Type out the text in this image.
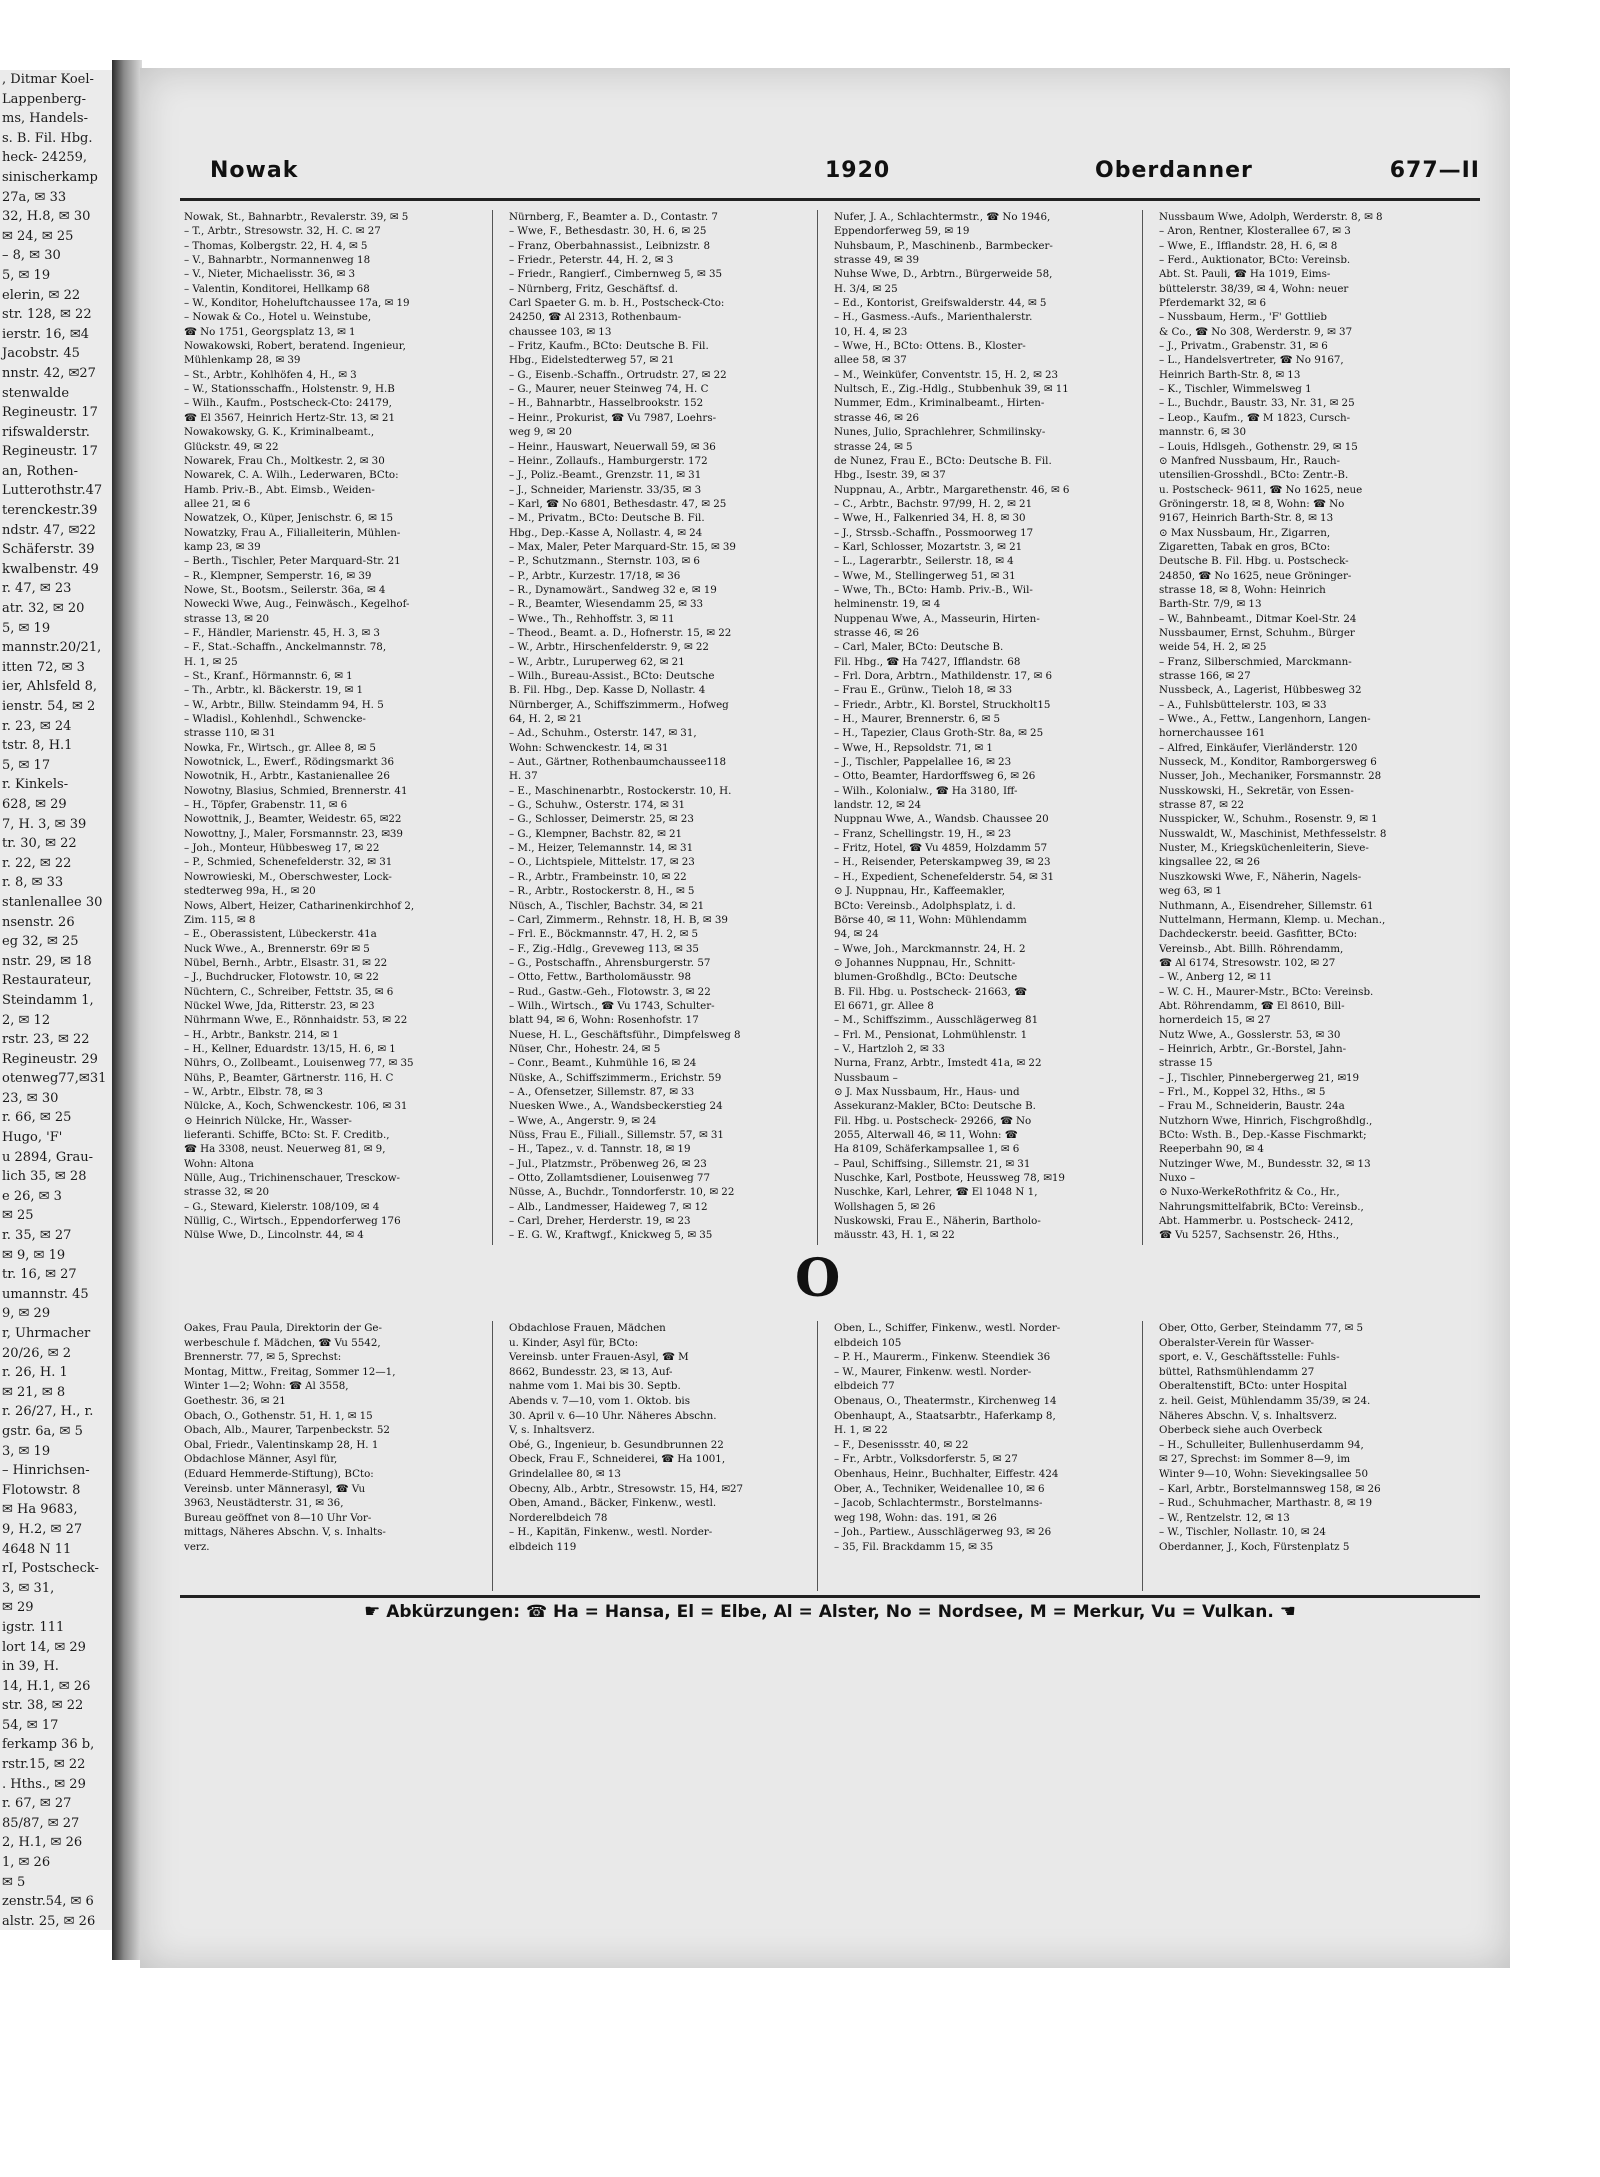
, Ditmar Koel-
Lappenberg-
ms, Handels-
s. B. Fil. Hbg.
heck- 24259,
sinischerkamp
27a, ✉ 33
32, H.8, ✉ 30
✉ 24, ✉ 25
– 8, ✉ 30
5, ✉ 19
elerin, ✉ 22
str. 128, ✉ 22
ierstr. 16, ✉4
Jacobstr. 45
nnstr. 42, ✉27
stenwalde
Regineustr. 17
rifswalderstr.
Regineustr. 17
an, Rothen-
Lutterothstr.47
terenckestr.39
ndstr. 47, ✉22
Schäferstr. 39
kwalbenstr. 49
r. 47, ✉ 23
atr. 32, ✉ 20
5, ✉ 19
mannstr.20/21,
itten 72, ✉ 3
ier, Ahlsfeld 8,
ienstr. 54, ✉ 2
r. 23, ✉ 24
tstr. 8, H.1
5, ✉ 17
r. Kinkels-
628, ✉ 29
7, H. 3, ✉ 39
tr. 30, ✉ 22
r. 22, ✉ 22
r. 8, ✉ 33
stanlenallee 30
nsenstr. 26
eg 32, ✉ 25
nstr. 29, ✉ 18
Restaurateur,
Steindamm 1,
2, ✉ 12
rstr. 23, ✉ 22
Regineustr. 29
otenweg77,✉31
23, ✉ 30
r. 66, ✉ 25
Hugo, 'F'
u 2894, Grau-
lich 35, ✉ 28
e 26, ✉ 3
✉ 25
r. 35, ✉ 27
✉ 9, ✉ 19
tr. 16, ✉ 27
umannstr. 45
9, ✉ 29
r, Uhrmacher
20/26, ✉ 2
r. 26, H. 1
✉ 21, ✉ 8
r. 26/27, H., r.
gstr. 6a, ✉ 5
3, ✉ 19
– Hinrichsen-
Flotowstr. 8
✉ Ha 9683,
9, H.2, ✉ 27
4648 N 11
rI, Postscheck-
3, ✉ 31,
✉ 29
igstr. 111
lort 14, ✉ 29
in 39, H.
14, H.1, ✉ 26
str. 38, ✉ 22
54, ✉ 17
ferkamp 36 b,
rstr.15, ✉ 22
. Hths., ✉ 29
r. 67, ✉ 27
85/87, ✉ 27
2, H.1, ✉ 26
1, ✉ 26
✉ 5
zenstr.54, ✉ 6
alstr. 25, ✉ 26
Nowak	1920	Oberdanner	677—II
Nowak, St., Bahnarbtr., Revalerstr. 39, ✉ 5
– T., Arbtr., Stresowstr. 32, H. C. ✉ 27
– Thomas, Kolbergstr. 22, H. 4, ✉ 5
– V., Bahnarbtr., Normannenweg 18
– V., Nieter, Michaelisstr. 36, ✉ 3
– Valentin, Konditorei, Hellkamp 68
– W., Konditor, Hoheluftchaussee 17a, ✉ 19
– Nowak & Co., Hotel u. Weinstube,
☎ No 1751, Georgsplatz 13, ✉ 1
Nowakowski, Robert, beratend. Ingenieur,
Mühlenkamp 28, ✉ 39
– St., Arbtr., Kohlhöfen 4, H., ✉ 3
– W., Stationsschaffn., Holstenstr. 9, H.B
– Wilh., Kaufm., Postscheck-Cto: 24179,
☎ El 3567, Heinrich Hertz-Str. 13, ✉ 21
Nowakowsky, G. K., Kriminalbeamt.,
Glückstr. 49, ✉ 22
Nowarek, Frau Ch., Moltkestr. 2, ✉ 30
Nowarek, C. A. Wilh., Lederwaren, BCto:
Hamb. Priv.-B., Abt. Eimsb., Weiden-
allee 21, ✉ 6
Nowatzek, O., Küper, Jenischstr. 6, ✉ 15
Nowatzky, Frau A., Filialleiterin, Mühlen-
kamp 23, ✉ 39
– Berth., Tischler, Peter Marquard-Str. 21
– R., Klempner, Semperstr. 16, ✉ 39
Nowe, St., Bootsm., Seilerstr. 36a, ✉ 4
Nowecki Wwe, Aug., Feinwäsch., Kegelhof-
strasse 13, ✉ 20
– F., Händler, Marienstr. 45, H. 3, ✉ 3
– F., Stat.-Schaffn., Anckelmannstr. 78,
H. 1, ✉ 25
– St., Kranf., Hörmannstr. 6, ✉ 1
– Th., Arbtr., kl. Bäckerstr. 19, ✉ 1
– W., Arbtr., Billw. Steindamm 94, H. 5
– Wladisl., Kohlenhdl., Schwencke-
strasse 110, ✉ 31
Nowka, Fr., Wirtsch., gr. Allee 8, ✉ 5
Nowotnick, L., Ewerf., Rödingsmarkt 36
Nowotnik, H., Arbtr., Kastanienallee 26
Nowotny, Blasius, Schmied, Brennerstr. 41
– H., Töpfer, Grabenstr. 11, ✉ 6
Nowottnik, J., Beamter, Weidestr. 65, ✉22
Nowottny, J., Maler, Forsmannstr. 23, ✉39
– Joh., Monteur, Hübbesweg 17, ✉ 22
– P., Schmied, Schenefelderstr. 32, ✉ 31
Nowrowieski, M., Oberschwester, Lock-
stedterweg 99a, H., ✉ 20
Nows, Albert, Heizer, Catharinenkirchhof 2,
Zim. 115, ✉ 8
– E., Oberassistent, Lübeckerstr. 41a
Nuck Wwe., A., Brennerstr. 69r ✉ 5
Nübel, Bernh., Arbtr., Elsastr. 31, ✉ 22
– J., Buchdrucker, Flotowstr. 10, ✉ 22
Nüchtern, C., Schreiber, Fettstr. 35, ✉ 6
Nückel Wwe, Jda, Ritterstr. 23, ✉ 23
Nührmann Wwe, E., Rönnhaidstr. 53, ✉ 22
– H., Arbtr., Bankstr. 214, ✉ 1
– H., Kellner, Eduardstr. 13/15, H. 6, ✉ 1
Nührs, O., Zollbeamt., Louisenweg 77, ✉ 35
Nühs, P., Beamter, Gärtnerstr. 116, H. C
– W., Arbtr., Elbstr. 78, ✉ 3
Nülcke, A., Koch, Schwenckestr. 106, ✉ 31
⊙ Heinrich Nülcke, Hr., Wasser-
lieferanti. Schiffe, BCto: St. F. Creditb.,
☎ Ha 3308, neust. Neuerweg 81, ✉ 9,
Wohn: Altona
Nülle, Aug., Trichinenschauer, Tresckow-
strasse 32, ✉ 20
– G., Steward, Kielerstr. 108/109, ✉ 4
Nüllig, C., Wirtsch., Eppendorferweg 176
Nülse Wwe, D., Lincolnstr. 44, ✉ 4
Nürnberg, F., Beamter a. D., Contastr. 7
– Wwe, F., Bethesdastr. 30, H. 6, ✉ 25
– Franz, Oberbahnassist., Leibnizstr. 8
– Friedr., Peterstr. 44, H. 2, ✉ 3
– Friedr., Rangierf., Cimbernweg 5, ✉ 35
– Nürnberg, Fritz, Geschäftsf. d.
Carl Spaeter G. m. b. H., Postscheck-Cto:
24250, ☎ Al 2313, Rothenbaum-
chaussee 103, ✉ 13
– Fritz, Kaufm., BCto: Deutsche B. Fil.
Hbg., Eidelstedterweg 57, ✉ 21
– G., Eisenb.-Schaffn., Ortrudstr. 27, ✉ 22
– G., Maurer, neuer Steinweg 74, H. C
– H., Bahnarbtr., Hasselbrookstr. 152
– Heinr., Prokurist, ☎ Vu 7987, Loehrs-
weg 9, ✉ 20
– Heinr., Hauswart, Neuerwall 59, ✉ 36
– Heinr., Zollaufs., Hamburgerstr. 172
– J., Poliz.-Beamt., Grenzstr. 11, ✉ 31
– J., Schneider, Marienstr. 33/35, ✉ 3
– Karl, ☎ No 6801, Bethesdastr. 47, ✉ 25
– M., Privatm., BCto: Deutsche B. Fil.
Hbg., Dep.-Kasse A, Nollastr. 4, ✉ 24
– Max, Maler, Peter Marquard-Str. 15, ✉ 39
– P., Schutzmann., Sternstr. 103, ✉ 6
– P., Arbtr., Kurzestr. 17/18, ✉ 36
– R., Dynamowärt., Sandweg 32 e, ✉ 19
– R., Beamter, Wiesendamm 25, ✉ 33
– Wwe., Th., Rehhoffstr. 3, ✉ 11
– Theod., Beamt. a. D., Hofnerstr. 15, ✉ 22
– W., Arbtr., Hirschenfelderstr. 9, ✉ 22
– W., Arbtr., Luruperweg 62, ✉ 21
– Wilh., Bureau-Assist., BCto: Deutsche
B. Fil. Hbg., Dep. Kasse D, Nollastr. 4
Nürnberger, A., Schiffszimmerm., Hofweg
64, H. 2, ✉ 21
– Ad., Schuhm., Osterstr. 147, ✉ 31,
Wohn: Schwenckestr. 14, ✉ 31
– Aut., Gärtner, Rothenbaumchaussee118
H. 37
– E., Maschinenarbtr., Rostockerstr. 10, H.
– G., Schuhw., Osterstr. 174, ✉ 31
– G., Schlosser, Deimerstr. 25, ✉ 23
– G., Klempner, Bachstr. 82, ✉ 21
– M., Heizer, Telemannstr. 14, ✉ 31
– O., Lichtspiele, Mittelstr. 17, ✉ 23
– R., Arbtr., Frambeinstr. 10, ✉ 22
– R., Arbtr., Rostockerstr. 8, H., ✉ 5
Nüsch, A., Tischler, Bachstr. 34, ✉ 21
– Carl, Zimmerm., Rehnstr. 18, H. B, ✉ 39
– Frl. E., Böckmannstr. 47, H. 2, ✉ 5
– F., Zig.-Hdlg., Greveweg 113, ✉ 35
– G., Postschaffn., Ahrensburgerstr. 57
– Otto, Fettw., Bartholomäusstr. 98
– Rud., Gastw.-Geh., Flotowstr. 3, ✉ 22
– Wilh., Wirtsch., ☎ Vu 1743, Schulter-
blatt 94, ✉ 6, Wohn: Rosenhofstr. 17
Nuese, H. L., Geschäftsführ., Dimpfelsweg 8
Nüser, Chr., Hohestr. 24, ✉ 5
– Conr., Beamt., Kuhmühle 16, ✉ 24
Nüske, A., Schiffszimmerm., Erichstr. 59
– A., Ofensetzer, Sillemstr. 87, ✉ 33
Nuesken Wwe., A., Wandsbeckerstieg 24
– Wwe, A., Angerstr. 9, ✉ 24
Nüss, Frau E., Filiall., Sillemstr. 57, ✉ 31
– H., Tapez., v. d. Tannstr. 18, ✉ 19
– Jul., Platzmstr., Pröbenweg 26, ✉ 23
– Otto, Zollamtsdiener, Louisenweg 77
Nüsse, A., Buchdr., Tonndorferstr. 10, ✉ 22
– Alb., Landmesser, Haideweg 7, ✉ 12
– Carl, Dreher, Herderstr. 19, ✉ 23
– E. G. W., Kraftwgf., Knickweg 5, ✉ 35
Nufer, J. A., Schlachtermstr., ☎ No 1946,
Eppendorferweg 59, ✉ 19
Nuhsbaum, P., Maschinenb., Barmbecker-
strasse 49, ✉ 39
Nuhse Wwe, D., Arbtrn., Bürgerweide 58,
H. 3/4, ✉ 25
– Ed., Kontorist, Greifswalderstr. 44, ✉ 5
– H., Gasmess.-Aufs., Marienthalerstr.
10, H. 4, ✉ 23
– Wwe, H., BCto: Ottens. B., Kloster-
allee 58, ✉ 37
– M., Weinküfer, Conventstr. 15, H. 2, ✉ 23
Nultsch, E., Zig.-Hdlg., Stubbenhuk 39, ✉ 11
Nummer, Edm., Kriminalbeamt., Hirten-
strasse 46, ✉ 26
Nunes, Julio, Sprachlehrer, Schmilinsky-
strasse 24, ✉ 5
de Nunez, Frau E., BCto: Deutsche B. Fil.
Hbg., Isestr. 39, ✉ 37
Nuppnau, A., Arbtr., Margarethenstr. 46, ✉ 6
– C., Arbtr., Bachstr. 97/99, H. 2, ✉ 21
– Wwe, H., Falkenried 34, H. 8, ✉ 30
– J., Strssb.-Schaffn., Possmoorweg 17
– Karl, Schlosser, Mozartstr. 3, ✉ 21
– L., Lagerarbtr., Seilerstr. 18, ✉ 4
– Wwe, M., Stellingerweg 51, ✉ 31
– Wwe, Th., BCto: Hamb. Priv.-B., Wil-
helminenstr. 19, ✉ 4
Nuppenau Wwe, A., Masseurin, Hirten-
strasse 46, ✉ 26
– Carl, Maler, BCto: Deutsche B.
Fil. Hbg., ☎ Ha 7427, Ifflandstr. 68
– Frl. Dora, Arbtrn., Mathildenstr. 17, ✉ 6
– Frau E., Grünw., Tieloh 18, ✉ 33
– Friedr., Arbtr., Kl. Borstel, Struckholt15
– H., Maurer, Brennerstr. 6, ✉ 5
– H., Tapezier, Claus Groth-Str. 8a, ✉ 25
– Wwe, H., Repsoldstr. 71, ✉ 1
– J., Tischler, Pappelallee 16, ✉ 23
– Otto, Beamter, Hardorffsweg 6, ✉ 26
– Wilh., Kolonialw., ☎ Ha 3180, Iff-
landstr. 12, ✉ 24
Nuppnau Wwe, A., Wandsb. Chaussee 20
– Franz, Schellingstr. 19, H., ✉ 23
– Fritz, Hotel, ☎ Vu 4859, Holzdamm 57
– H., Reisender, Peterskampweg 39, ✉ 23
– H., Expedient, Schenefelderstr. 54, ✉ 31
⊙ J. Nuppnau, Hr., Kaffeemakler,
BCto: Vereinsb., Adolphsplatz, i. d.
Börse 40, ✉ 11, Wohn: Mühlendamm
94, ✉ 24
– Wwe, Joh., Marckmannstr. 24, H. 2
⊙ Johannes Nuppnau, Hr., Schnitt-
blumen-Großhdlg., BCto: Deutsche
B. Fil. Hbg. u. Postscheck- 21663, ☎
El 6671, gr. Allee 8
– M., Schiffszimm., Ausschlägerweg 81
– Frl. M., Pensionat, Lohmühlenstr. 1
– V., Hartzloh 2, ✉ 33
Nurna, Franz, Arbtr., Imstedt 41a, ✉ 22
Nussbaum –
⊙ J. Max Nussbaum, Hr., Haus- und
Assekuranz-Makler, BCto: Deutsche B.
Fil. Hbg. u. Postscheck- 29266, ☎ No
2055, Alterwall 46, ✉ 11, Wohn: ☎
Ha 8109, Schäferkampsallee 1, ✉ 6
– Paul, Schiffsing., Sillemstr. 21, ✉ 31
Nuschke, Karl, Postbote, Heussweg 78, ✉19
Nuschke, Karl, Lehrer, ☎ El 1048 N 1,
Wollshagen 5, ✉ 26
Nuskowski, Frau E., Näherin, Bartholo-
mäusstr. 43, H. 1, ✉ 22
Nussbaum Wwe, Adolph, Werderstr. 8, ✉ 8
– Aron, Rentner, Klosterallee 67, ✉ 3
– Wwe, E., Ifflandstr. 28, H. 6, ✉ 8
– Ferd., Auktionator, BCto: Vereinsb.
Abt. St. Pauli, ☎ Ha 1019, Eims-
büttelerstr. 38/39, ✉ 4, Wohn: neuer
Pferdemarkt 32, ✉ 6
– Nussbaum, Herm., 'F' Gottlieb
& Co., ☎ No 308, Werderstr. 9, ✉ 37
– J., Privatm., Grabenstr. 31, ✉ 6
– L., Handelsvertreter, ☎ No 9167,
Heinrich Barth-Str. 8, ✉ 13
– K., Tischler, Wimmelsweg 1
– L., Buchdr., Baustr. 33, Nr. 31, ✉ 25
– Leop., Kaufm., ☎ M 1823, Cursch-
mannstr. 6, ✉ 30
– Louis, Hdlsgeh., Gothenstr. 29, ✉ 15
⊙ Manfred Nussbaum, Hr., Rauch-
utensilien-Grosshdl., BCto: Zentr.-B.
u. Postscheck- 9611, ☎ No 1625, neue
Gröningerstr. 18, ✉ 8, Wohn: ☎ No
9167, Heinrich Barth-Str. 8, ✉ 13
⊙ Max Nussbaum, Hr., Zigarren,
Zigaretten, Tabak en gros, BCto:
Deutsche B. Fil. Hbg. u. Postscheck-
24850, ☎ No 1625, neue Gröninger-
strasse 18, ✉ 8, Wohn: Heinrich
Barth-Str. 7/9, ✉ 13
– W., Bahnbeamt., Ditmar Koel-Str. 24
Nussbaumer, Ernst, Schuhm., Bürger
weide 54, H. 2, ✉ 25
– Franz, Silberschmied, Marckmann-
strasse 166, ✉ 27
Nussbeck, A., Lagerist, Hübbesweg 32
– A., Fuhlsbüttelerstr. 103, ✉ 33
– Wwe., A., Fettw., Langenhorn, Langen-
hornerchaussee 161
– Alfred, Einkäufer, Vierländerstr. 120
Nusseck, M., Konditor, Ramborgersweg 6
Nusser, Joh., Mechaniker, Forsmannstr. 28
Nusskowski, H., Sekretär, von Essen-
strasse 87, ✉ 22
Nusspicker, W., Schuhm., Rosenstr. 9, ✉ 1
Nusswaldt, W., Maschinist, Methfesselstr. 8
Nuster, M., Kriegsküchenleiterin, Sieve-
kingsallee 22, ✉ 26
Nuszkowski Wwe, F., Näherin, Nagels-
weg 63, ✉ 1
Nuthmann, A., Eisendreher, Sillemstr. 61
Nuttelmann, Hermann, Klemp. u. Mechan.,
Dachdeckerstr. beeid. Gasfitter, BCto:
Vereinsb., Abt. Billh. Röhrendamm,
☎ Al 6174, Stresowstr. 102, ✉ 27
– W., Anberg 12, ✉ 11
– W. C. H., Maurer-Mstr., BCto: Vereinsb.
Abt. Röhrendamm, ☎ El 8610, Bill-
hornerdeich 15, ✉ 27
Nutz Wwe, A., Gosslerstr. 53, ✉ 30
– Heinrich, Arbtr., Gr.-Borstel, Jahn-
strasse 15
– J., Tischler, Pinnebergerweg 21, ✉19
– Frl., M., Koppel 32, Hths., ✉ 5
– Frau M., Schneiderin, Baustr. 24a
Nutzhorn Wwe, Hinrich, Fischgroßhdlg.,
BCto: Wsth. B., Dep.-Kasse Fischmarkt;
Reeperbahn 90, ✉ 4
Nutzinger Wwe, M., Bundesstr. 32, ✉ 13
Nuxo –
⊙ Nuxo-WerkeRothfritz & Co., Hr.,
Nahrungsmittelfabrik, BCto: Vereinsb.,
Abt. Hammerbr. u. Postscheck- 2412,
☎ Vu 5257, Sachsenstr. 26, Hths.,
O
Oakes, Frau Paula, Direktorin der Ge-
werbeschule f. Mädchen, ☎ Vu 5542,
Brennerstr. 77, ✉ 5, Sprechst:
Montag, Mittw., Freitag, Sommer 12—1,
Winter 1—2; Wohn: ☎ Al 3558,
Goethestr. 36, ✉ 21
Obach, O., Gothenstr. 51, H. 1, ✉ 15
Obach, Alb., Maurer, Tarpenbeckstr. 52
Obal, Friedr., Valentinskamp 28, H. 1
Obdachlose Männer, Asyl für,
(Eduard Hemmerde-Stiftung), BCto:
Vereinsb. unter Männerasyl, ☎ Vu
3963, Neustädterstr. 31, ✉ 36,
Bureau geöffnet von 8—10 Uhr Vor-
mittags, Näheres Abschn. V, s. Inhalts-
verz.
Obdachlose Frauen, Mädchen
u. Kinder, Asyl für, BCto:
Vereinsb. unter Frauen-Asyl, ☎ M
8662, Bundesstr. 23, ✉ 13, Auf-
nahme vom 1. Mai bis 30. Septb.
Abends v. 7—10, vom 1. Oktob. bis
30. April v. 6—10 Uhr. Näheres Abschn.
V, s. Inhaltsverz.
Obé, G., Ingenieur, b. Gesundbrunnen 22
Obeck, Frau F., Schneiderei, ☎ Ha 1001,
Grindelallee 80, ✉ 13
Obecny, Alb., Arbtr., Stresowstr. 15, H4, ✉27
Oben, Amand., Bäcker, Finkenw., westl.
Norderelbdeich 78
– H., Kapitän, Finkenw., westl. Norder-
elbdeich 119
Oben, L., Schiffer, Finkenw., westl. Norder-
elbdeich 105
– P. H., Maurerm., Finkenw. Steendiek 36
– W., Maurer, Finkenw. westl. Norder-
elbdeich 77
Obenaus, O., Theatermstr., Kirchenweg 14
Obenhaupt, A., Staatsarbtr., Haferkamp 8,
H. 1, ✉ 22
– F., Desenissstr. 40, ✉ 22
– Fr., Arbtr., Volksdorferstr. 5, ✉ 27
Obenhaus, Heinr., Buchhalter, Eiffestr. 424
Ober, A., Techniker, Weidenallee 10, ✉ 6
– Jacob, Schlachtermstr., Borstelmanns-
weg 198, Wohn: das. 191, ✉ 26
– Joh., Partiew., Ausschlägerweg 93, ✉ 26
– 35, Fil. Brackdamm 15, ✉ 35
Ober, Otto, Gerber, Steindamm 77, ✉ 5
Oberalster-Verein für Wasser-
sport, e. V., Geschäftsstelle: Fuhls-
büttel, Rathsmühlendamm 27
Oberaltenstift, BCto: unter Hospital
z. heil. Geist, Mühlendamm 35/39, ✉ 24.
Näheres Abschn. V, s. Inhaltsverz.
Oberbeck siehe auch Overbeck
– H., Schulleiter, Bullenhuserdamm 94,
✉ 27, Sprechst: im Sommer 8—9, im
Winter 9—10, Wohn: Sievekingsallee 50
– Karl, Arbtr., Borstelmannsweg 158, ✉ 26
– Rud., Schuhmacher, Marthastr. 8, ✉ 19
– W., Rentzelstr. 12, ✉ 13
– W., Tischler, Nollastr. 10, ✉ 24
Oberdanner, J., Koch, Fürstenplatz 5
☛ Abkürzungen: ☎ Ha = Hansa, El = Elbe, Al = Alster, No = Nordsee, M = Merkur, Vu = Vulkan. ☚
